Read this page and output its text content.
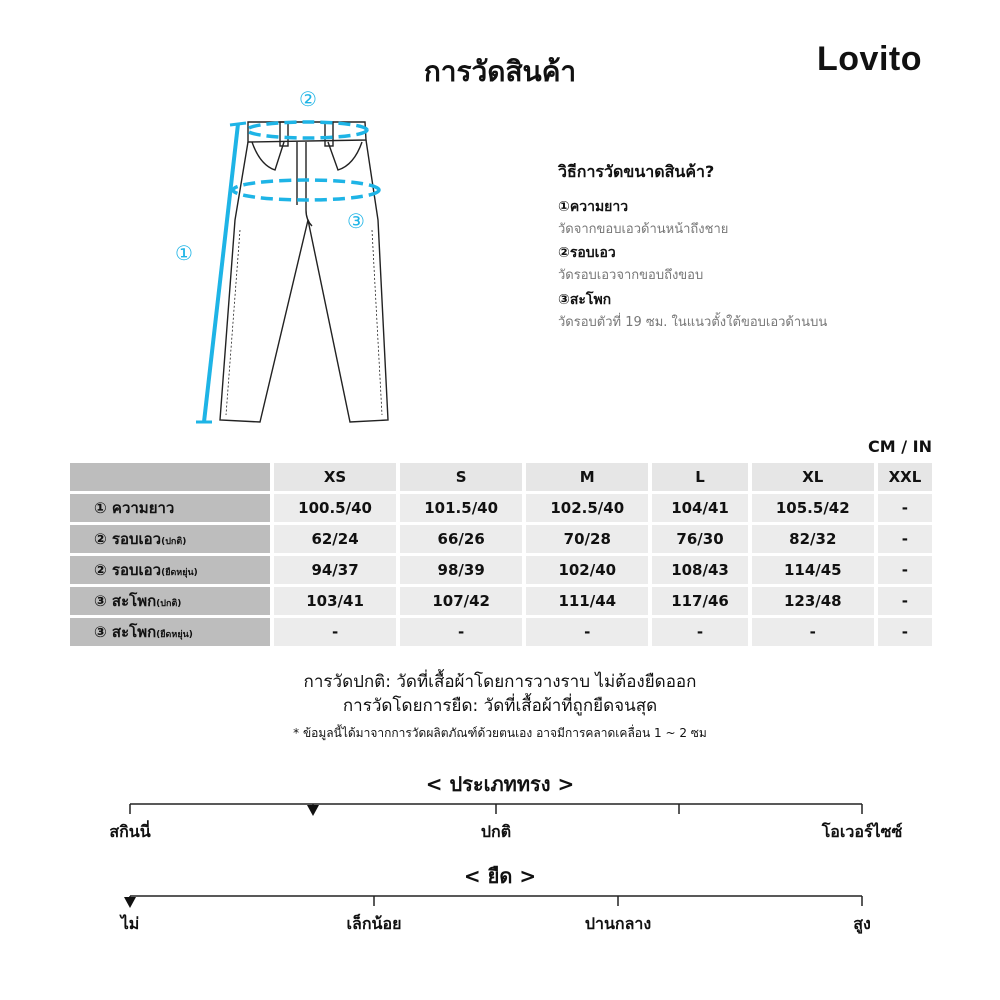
การวัดสินค้า	Lovito
②
③
①
วิธีการวัดขนาดสินค้า?
①ความยาว
วัดจากขอบเอวด้านหน้าถึงชาย
②รอบเอว
วัดรอบเอวจากขอบถึงขอบ
③สะโพก
วัดรอบตัวที่ 19 ซม. ในแนวตั้งใต้ขอบเอวด้านบน
CM / IN
	XS	S	M	L	XL	XXL
① ความยาว	100.5/40	101.5/40	102.5/40	104/41	105.5/42	-
② รอบเอว(ปกติ)	62/24	66/26	70/28	76/30	82/32	-
② รอบเอว(ยืดหยุ่น)	94/37	98/39	102/40	108/43	114/45	-
③ สะโพก(ปกติ)	103/41	107/42	111/44	117/46	123/48	-
③ สะโพก(ยืดหยุ่น)	-	-	-	-	-	-
การวัดปกติ: วัดที่เสื้อผ้าโดยการวางราบ ไม่ต้องยืดออก
การวัดโดยการยืด: วัดที่เสื้อผ้าที่ถูกยืดจนสุด
* ข้อมูลนี้ได้มาจากการวัดผลิตภัณฑ์ด้วยตนเอง อาจมีการคลาดเคลื่อน 1 ~ 2 ซม
< ประเภททรง >
สกินนี่	ปกติ	โอเวอร์ไซซ์
< ยืด >
ไม่	เล็กน้อย	ปานกลาง	สูง
